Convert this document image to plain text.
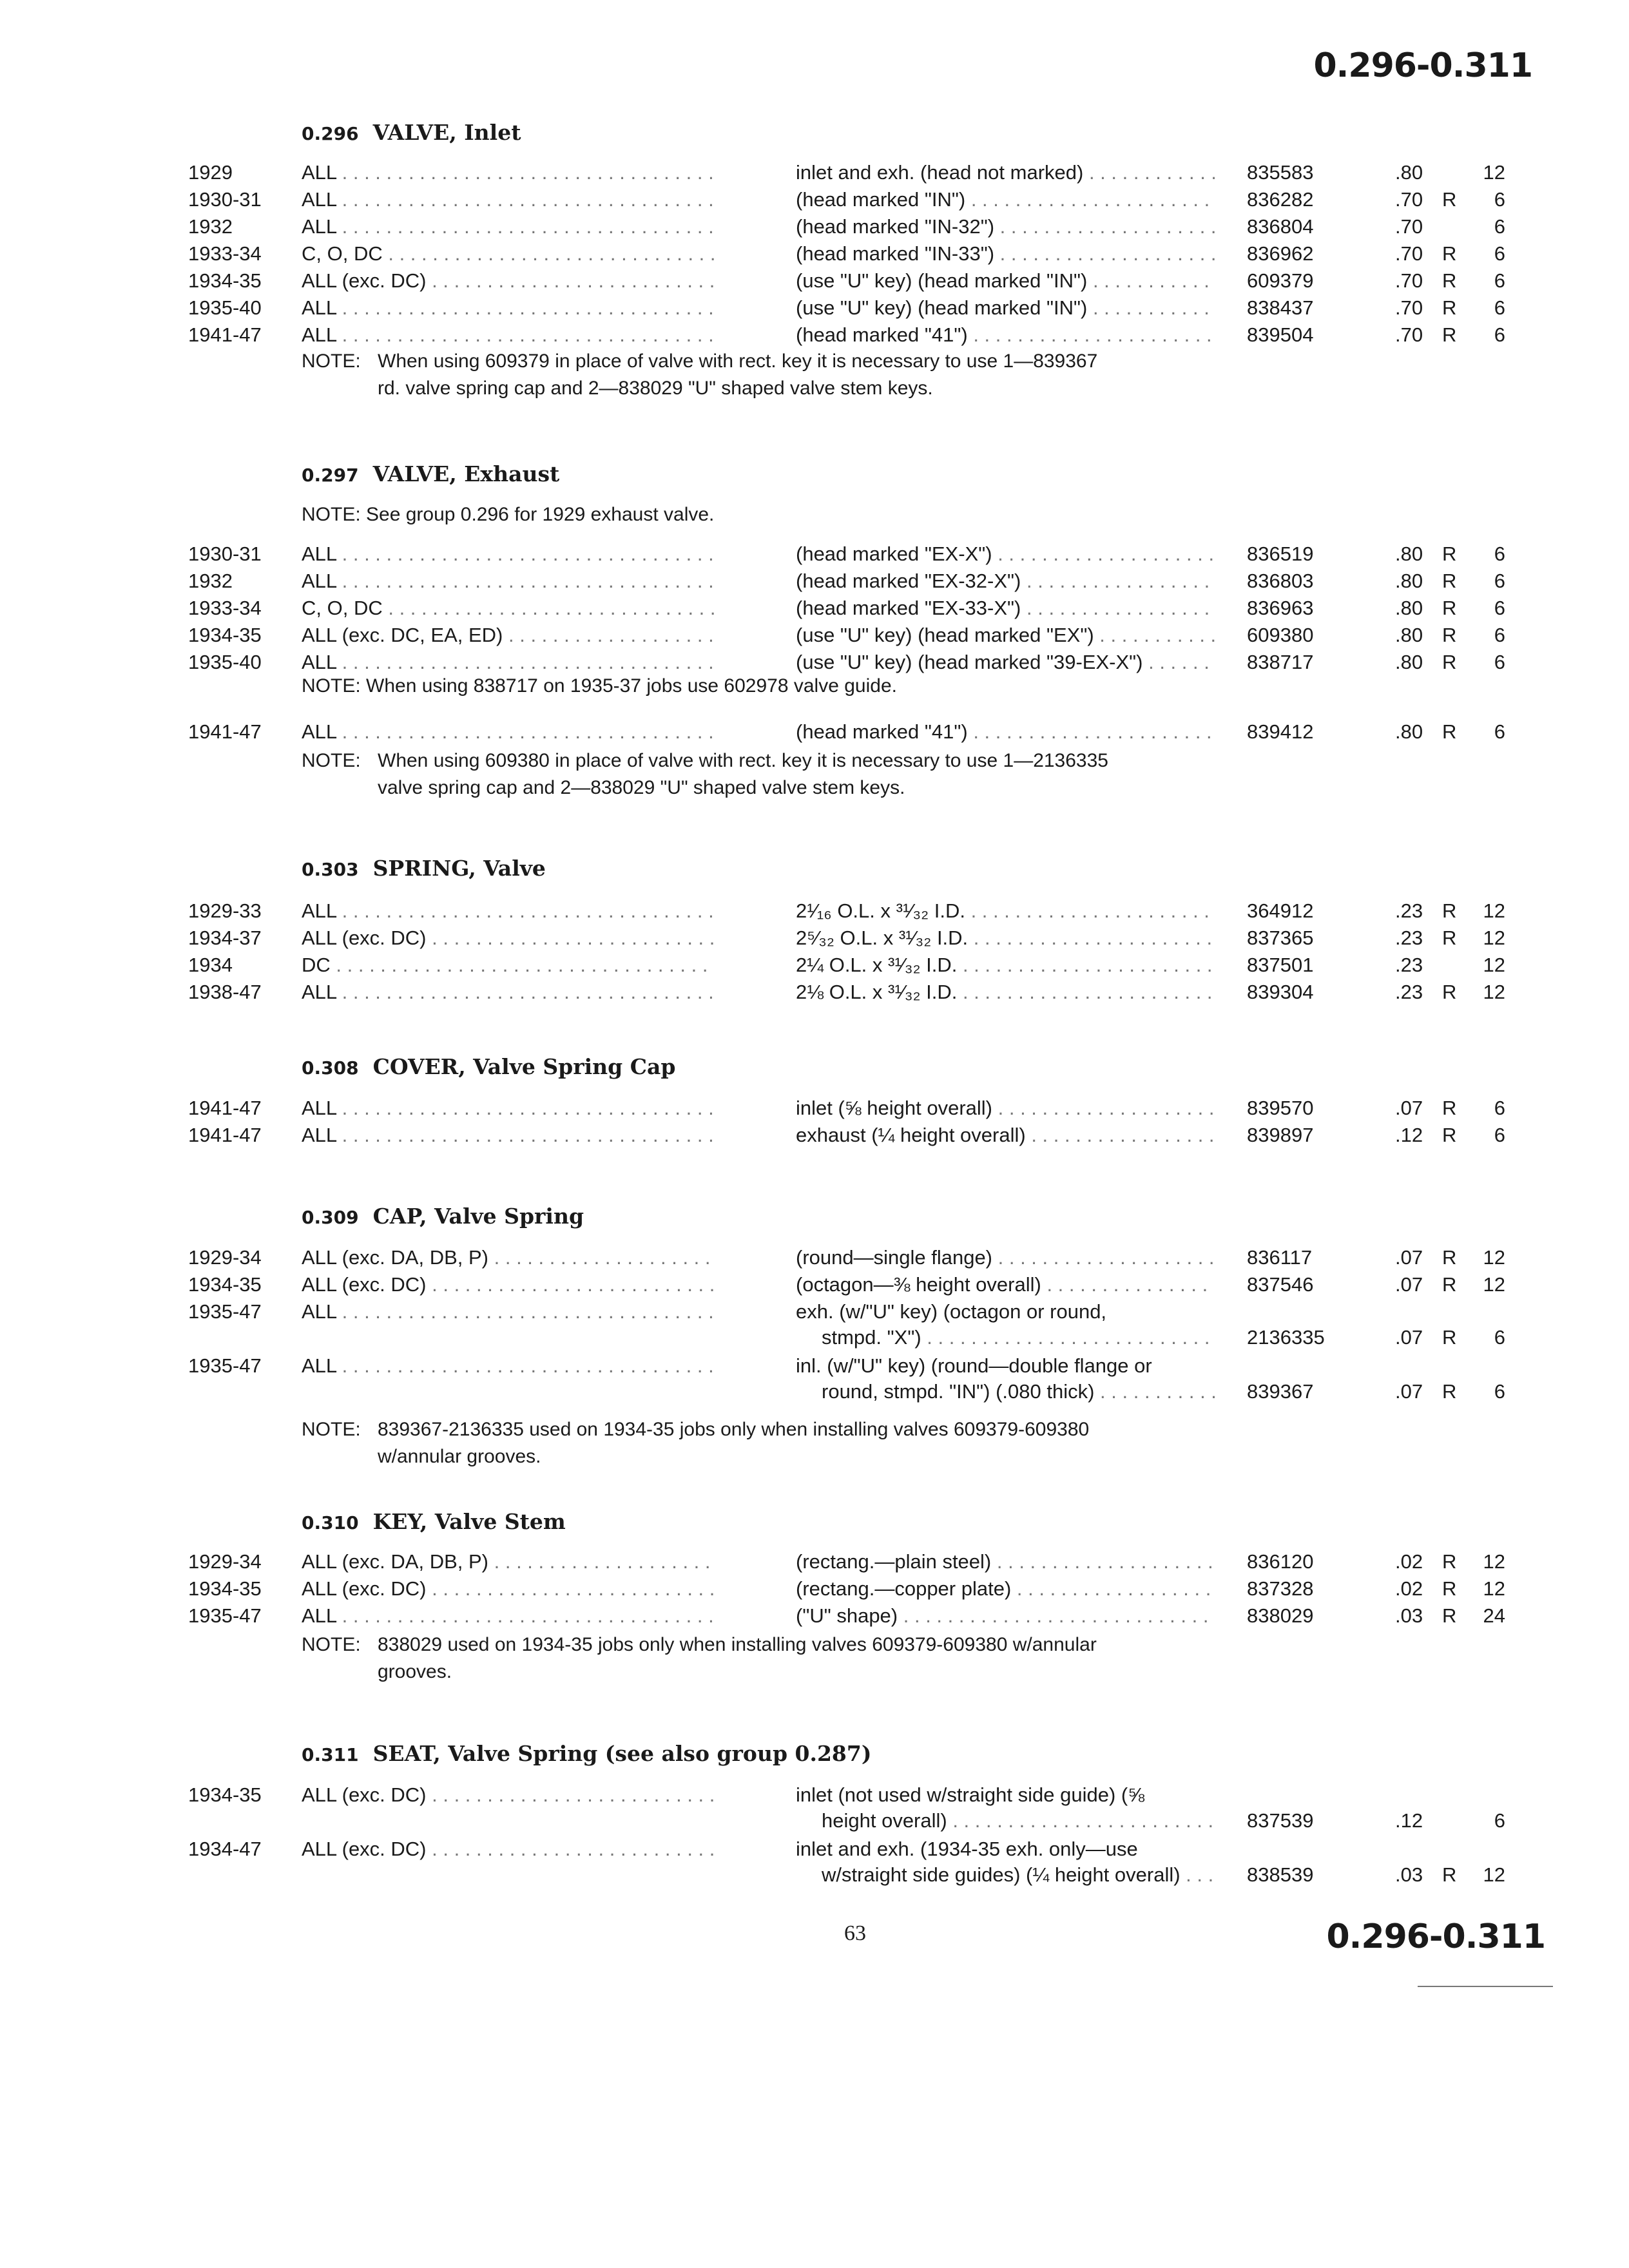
0.296-0.311
0.296 VALVE, Inlet
1929	ALL . . .	inlet and exh. (head not marked) . . .	835583	.80	12
1930-31 ALL . . .	(head marked "IN") . . .	836282	.70 R 6
1932	ALL . . .	(head marked "IN-32") . . .	836804	.70	6
1933-34 C, O, DC . . .	(head marked "IN-33") . . .	836962	.70 R 6
1934-35 ALL (exc. DC) . . .	(use "U" key) (head marked "IN") . . .	609379	.70 R 6
1935-40 ALL . . .	(use "U" key) (head marked "IN") . . .	838437	.70 R 6
1941-47 ALL . . .	(head marked "41") . . .	839504	.70 R 6
NOTE: When using 609379 in place of valve with rect. key it is necessary to use 1—839367
rd. valve spring cap and 2—838029 "U" shaped valve stem keys.
0.297 VALVE, Exhaust
NOTE: See group 0.296 for 1929 exhaust valve.
1930-31 ALL . . .	(head marked "EX-X") . . .	836519	.80 R 6
1932	ALL . . .	(head marked "EX-32-X") . . .	836803	.80 R 6
1933-34 C, O, DC . . .	(head marked "EX-33-X") . . .	836963	.80 R 6
1934-35 ALL (exc. DC, EA, ED) . . .	(use "U" key) (head marked "EX") . . .	609380	.80 R 6
1935-40 ALL . . .	(use "U" key) (head marked "39-EX-X") . . .	838717	.80 R 6
NOTE: When using 838717 on 1935-37 jobs use 602978 valve guide.
1941-47 ALL . . .	(head marked "41") . . .	839412	.80 R 6
NOTE: When using 609380 in place of valve with rect. key it is necessary to use 1—2136335
valve spring cap and 2—838029 "U" shaped valve stem keys.
0.303 SPRING, Valve
1929-33 ALL . . .	2¹⁄₁₆ O.L. x ³¹⁄₃₂ I.D. . . .	364912	.23 R 12
1934-37 ALL (exc. DC) . . .	2⁵⁄₃₂ O.L. x ³¹⁄₃₂ I.D. . . .	837365	.23 R 12
1934	DC . . .	2¼ O.L. x ³¹⁄₃₂ I.D. . . .	837501	.23	12
1938-47 ALL . . .	2⅛ O.L. x ³¹⁄₃₂ I.D. . . .	839304	.23 R 12
0.308 COVER, Valve Spring Cap
1941-47 ALL . . .	inlet (⅝ height overall) . . .	839570	.07 R 6
1941-47 ALL . . .	exhaust (¼ height overall) . . .	839897	.12 R 6
0.309 CAP, Valve Spring
1929-34 ALL (exc. DA, DB, P) . . .	(round—single flange) . . .	836117	.07 R 12
1934-35 ALL (exc. DC) . . .	(octagon—⅜ height overall) . . .	837546	.07 R 12
1935-47 ALL . . .	exh. (w/"U" key) (octagon or round,
stmpd. "X") . . .	2136335	.07 R 6
1935-47 ALL . . .	inl. (w/"U" key) (round—double flange or
round, stmpd. "IN") (.080 thick) . . .	839367	.07 R 6
NOTE: 839367-2136335 used on 1934-35 jobs only when installing valves 609379-609380
w/annular grooves.
0.310 KEY, Valve Stem
1929-34 ALL (exc. DA, DB, P) . . .	(rectang.—plain steel) . . .	836120	.02 R 12
1934-35 ALL (exc. DC) . . .	(rectang.—copper plate) . . .	837328	.02 R 12
1935-47 ALL . . .	("U" shape) . . .	838029	.03 R 24
NOTE: 838029 used on 1934-35 jobs only when installing valves 609379-609380 w/annular
grooves.
0.311 SEAT, Valve Spring (see also group 0.287)
1934-35 ALL (exc. DC) . . .	inlet (not used w/straight side guide) (⅝
height overall) . . .	837539	.12	6
1934-47 ALL (exc. DC) . . .	inlet and exh. (1934-35 exh. only—use
w/straight side guides) (¼ height overall) . . .	838539	.03 R 12
63	0.296-0.311
